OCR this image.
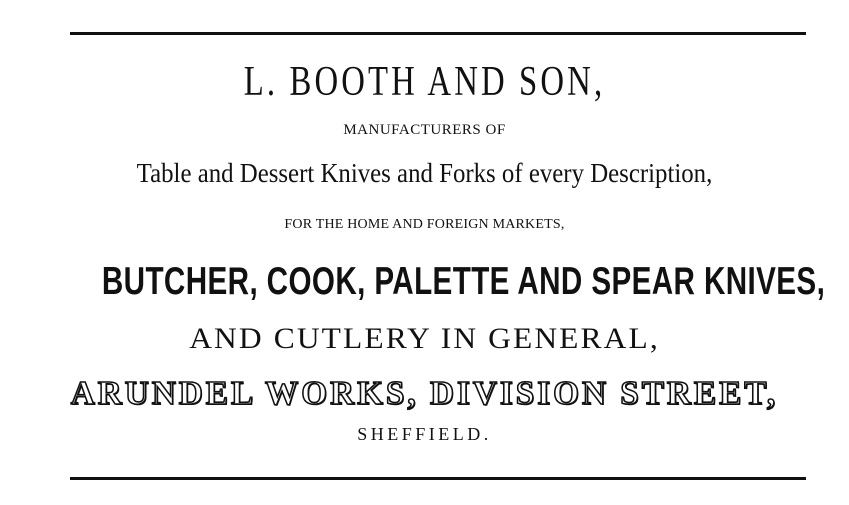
L. BOOTH AND SON,
MANUFACTURERS OF
Table and Dessert Knives and Forks of every Description,
FOR THE HOME AND FOREIGN MARKETS,
BUTCHER, COOK, PALETTE AND SPEAR KNIVES,
AND CUTLERY IN GENERAL,
ARUNDEL WORKS, DIVISION STREET,
SHEFFIELD.
